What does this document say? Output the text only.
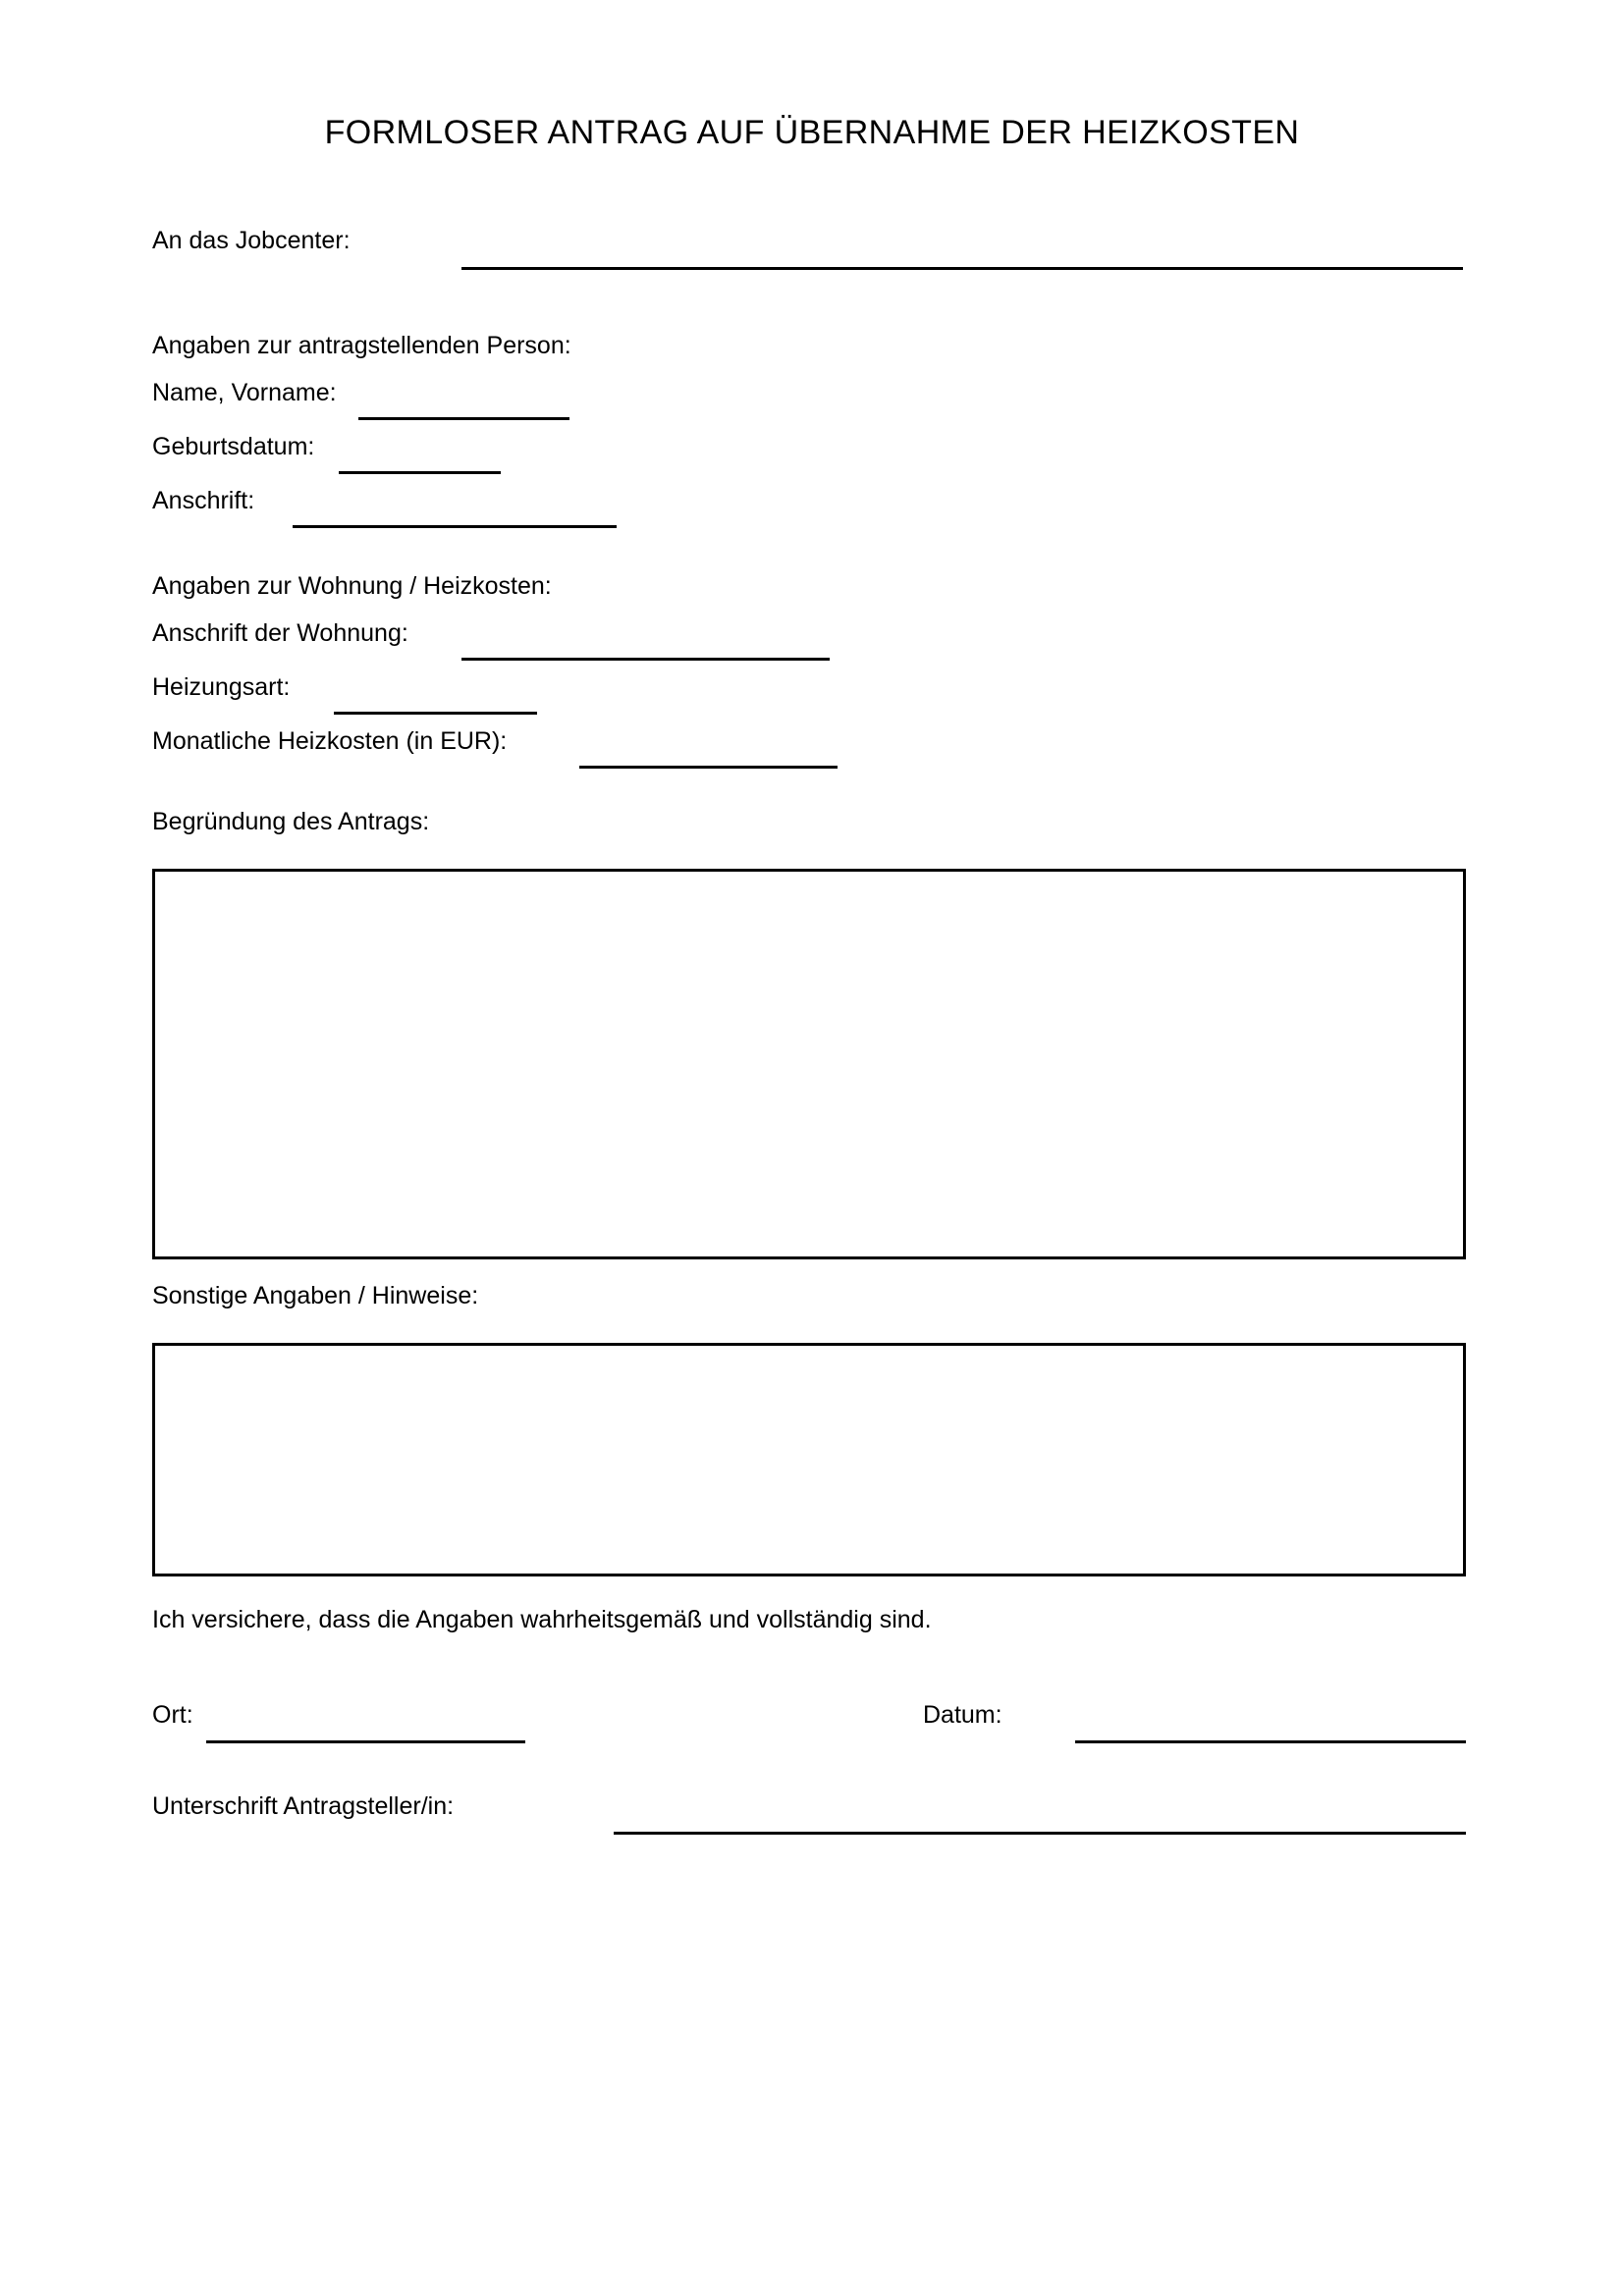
FORMLOSER ANTRAG AUF ÜBERNAHME DER HEIZKOSTEN
An das Jobcenter:
Angaben zur antragstellenden Person:
Name, Vorname:
Geburtsdatum:
Anschrift:
Angaben zur Wohnung / Heizkosten:
Anschrift der Wohnung:
Heizungsart:
Monatliche Heizkosten (in EUR):
Begründung des Antrags:
Sonstige Angaben / Hinweise:
Ich versichere, dass die Angaben wahrheitsgemäß und vollständig sind.
Ort:	Datum:
Unterschrift Antragsteller/in:
